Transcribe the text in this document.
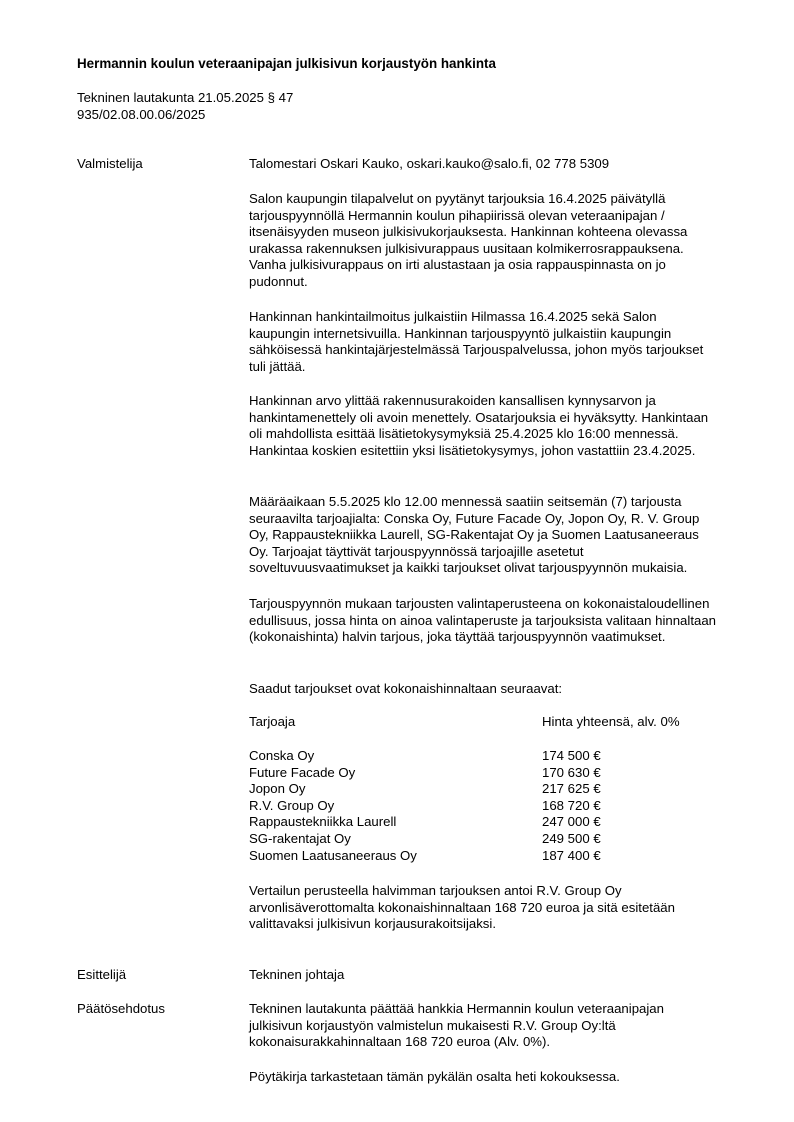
Hermannin koulun veteraanipajan julkisivun korjaustyön hankinta
Tekninen lautakunta 21.05.2025 § 47
935/02.08.00.06/2025
Valmistelija	Talomestari Oskari Kauko, oskari.kauko@salo.fi, 02 778 5309

Salon kaupungin tilapalvelut on pyytänyt tarjouksia 16.4.2025 päivätyllä tarjouspyynnöllä Hermannin koulun pihapiirissä olevan veteraanipajan / itsenäisyyden museon julkisivukorjauksesta. Hankinnan kohteena olevassa urakassa rakennuksen julkisivurappaus uusitaan kolmikerrosrappauksena. Vanha julkisivurappaus on irti alustastaan ja osia rappauspinnasta on jo pudonnut.

Hankinnan hankintailmoitus julkaistiin Hilmassa 16.4.2025 sekä Salon kaupungin internetsivuilla. Hankinnan tarjouspyyntö julkaistiin kaupungin sähköisessä hankintajärjestelmässä Tarjouspalvelussa, johon myös tarjoukset tuli jättää.

Hankinnan arvo ylittää rakennusurakoiden kansallisen kynnysarvon ja hankintamenettely oli avoin menettely. Osatarjouksia ei hyväksytty. Hankintaan oli mahdollista esittää lisätietokysymyksiä 25.4.2025 klo 16:00 mennessä. Hankintaa koskien esitettiin yksi lisätietokysymys, johon vastattiin 23.4.2025.

Määräaikaan 5.5.2025 klo 12.00 mennessä saatiin seitsemän (7) tarjousta seuraavilta tarjoajialta: Conska Oy, Future Facade Oy, Jopon Oy, R. V. Group Oy, Rappaustekniikka Laurell, SG-Rakentajat Oy ja Suomen Laatusaneeraus Oy. Tarjoajat täyttivät tarjouspyynnössä tarjoajille asetetut soveltuvuusvaatimukset ja kaikki tarjoukset olivat tarjouspyynnön mukaisia.

Tarjouspyynnön mukaan tarjousten valintaperusteena on kokonaistaloudellinen edullisuus, jossa hinta on ainoa valintaperuste ja tarjouksista valitaan hinnaltaan (kokonaishinta) halvin tarjous, joka täyttää tarjouspyynnön vaatimukset.

Saadut tarjoukset ovat kokonaishinnaltaan seuraavat:

Tarjoaja	Hinta yhteensä, alv. 0%
Conska Oy	174 500 €
Future Facade Oy	170 630 €
Jopon Oy	217 625 €
R.V. Group Oy	168 720 €
Rappaustekniikka Laurell	247 000 €
SG-rakentajat Oy	249 500 €
Suomen Laatusaneeraus Oy	187 400 €

Vertailun perusteella halvimman tarjouksen antoi R.V. Group Oy arvonlisäverottomalta kokonaishinnaltaan 168 720 euroa ja sitä esitetään valittavaksi julkisivun korjausurakoitsijaksi.

Esittelijä	Tekninen johtaja
Päätösehdotus	Tekninen lautakunta päättää hankkia Hermannin koulun veteraanipajan julkisivun korjaustyön valmistelun mukaisesti R.V. Group Oy:ltä kokonaisurakkahinnaltaan 168 720 euroa (Alv. 0%).

Pöytäkirja tarkastetaan tämän pykälän osalta heti kokouksessa.
